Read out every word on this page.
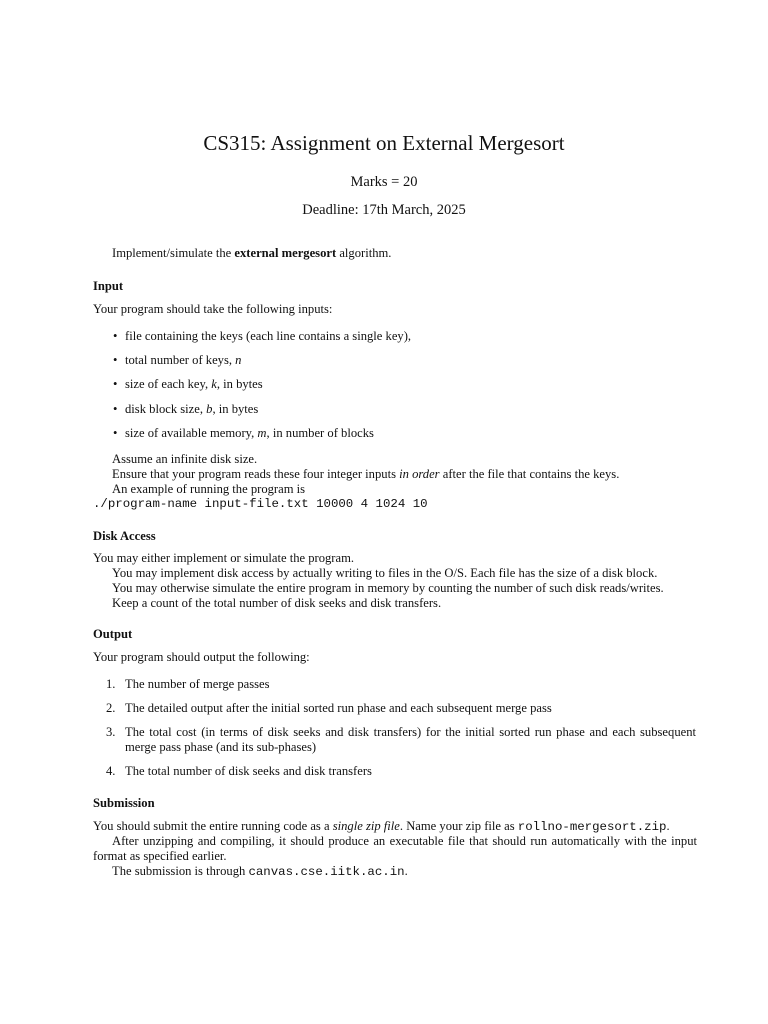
CS315: Assignment on External Mergesort
Marks = 20
Deadline: 17th March, 2025
Implement/simulate the external mergesort algorithm.
Input
Your program should take the following inputs:
• file containing the keys (each line contains a single key),
• total number of keys, n
• size of each key, k, in bytes
• disk block size, b, in bytes
• size of available memory, m, in number of blocks
Assume an infinite disk size.
Ensure that your program reads these four integer inputs in order after the file that contains the keys.
An example of running the program is
./program-name input-file.txt 10000 4 1024 10
Disk Access
You may either implement or simulate the program.
You may implement disk access by actually writing to files in the O/S. Each file has the size of a disk block.
You may otherwise simulate the entire program in memory by counting the number of such disk reads/writes.
Keep a count of the total number of disk seeks and disk transfers.
Output
Your program should output the following:
1. The number of merge passes
2. The detailed output after the initial sorted run phase and each subsequent merge pass
3. The total cost (in terms of disk seeks and disk transfers) for the initial sorted run phase and each subsequent merge pass phase (and its sub-phases)
4. The total number of disk seeks and disk transfers
Submission
You should submit the entire running code as a single zip file. Name your zip file as rollno-mergesort.zip.
After unzipping and compiling, it should produce an executable file that should run automatically with the input format as specified earlier.
The submission is through canvas.cse.iitk.ac.in.
